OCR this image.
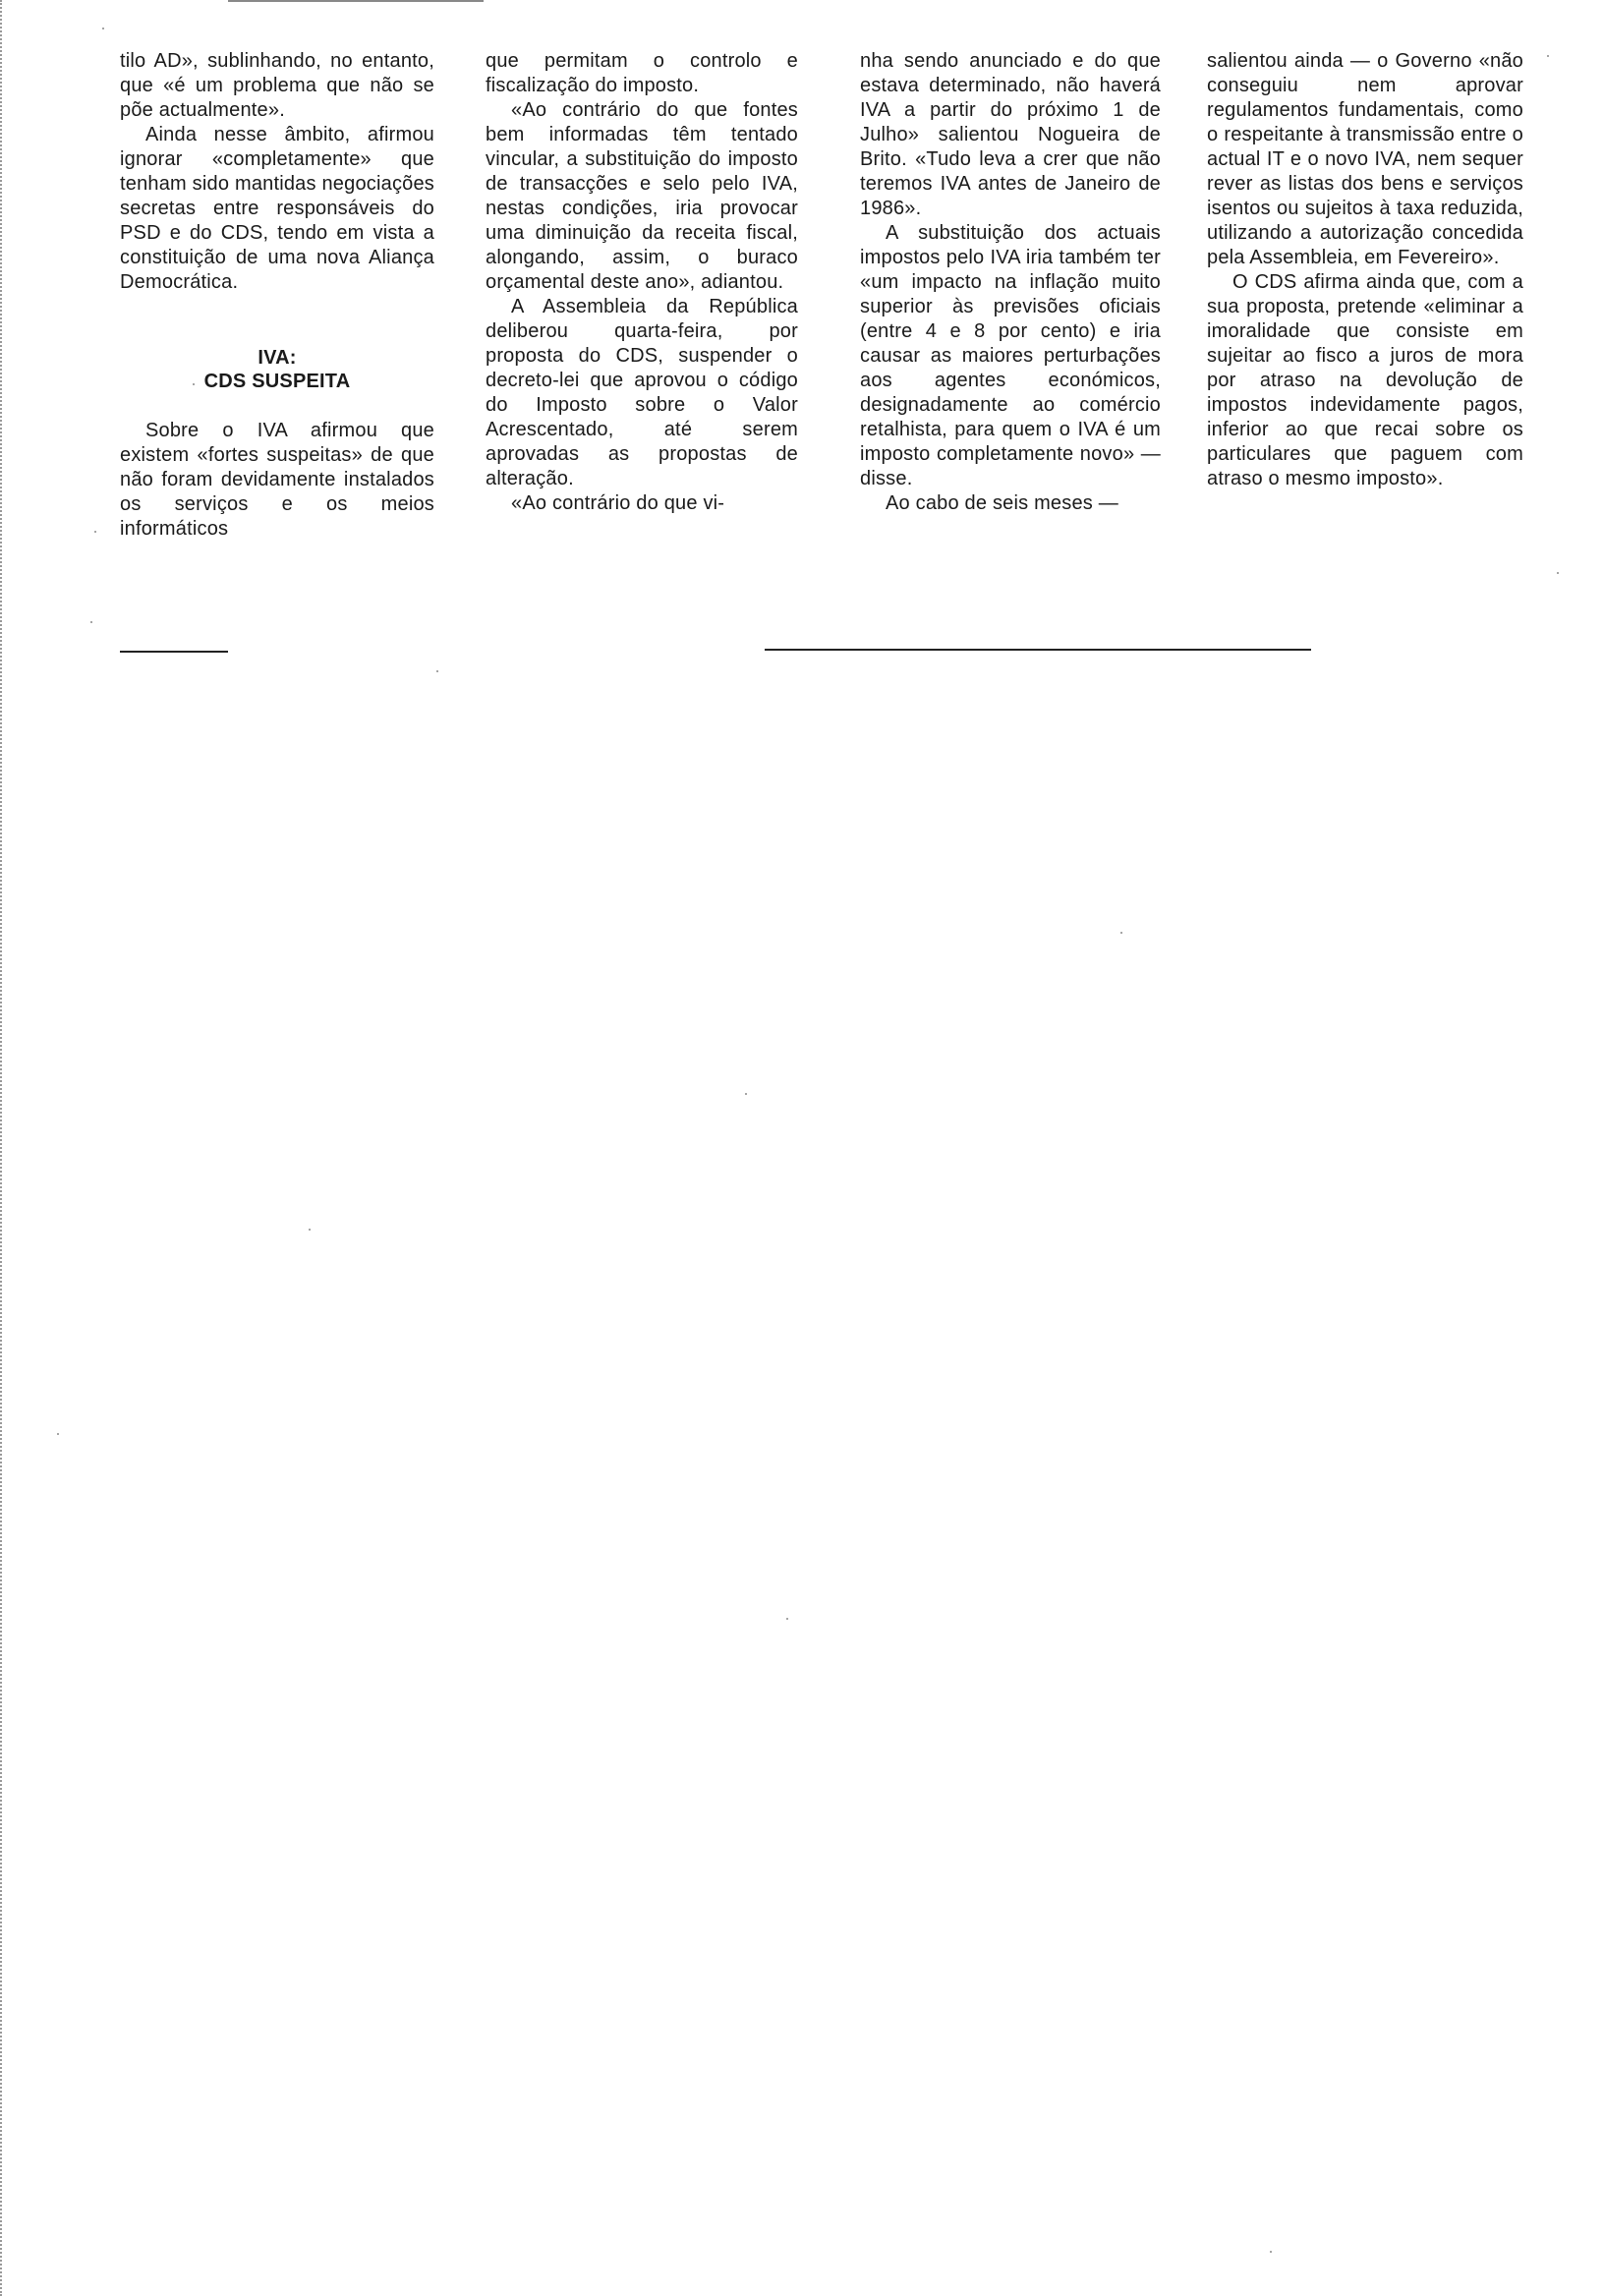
tilo AD», sublinhando, no entanto, que «é um problema que não se põe actualmente».

Ainda nesse âmbito, afirmou ignorar «completamente» que tenham sido mantidas negociações secretas entre responsáveis do PSD e do CDS, tendo em vista a constituição de uma nova Aliança Democrática.

IVA:
CDS SUSPEITA

Sobre o IVA afirmou que existem «fortes suspeitas» de que não foram devidamente instalados os serviços e os meios informáticos

que permitam o controlo e fiscalização do imposto.

«Ao contrário do que fontes bem informadas têm tentado vincular, a substituição do imposto de transacções e selo pelo IVA, nestas condições, iria provocar uma diminuição da receita fiscal, alongando, assim, o buraco orçamental deste ano», adiantou.

A Assembleia da República deliberou quarta-feira, por proposta do CDS, suspender o decreto-lei que aprovou o código do Imposto sobre o Valor Acrescentado, até serem aprovadas as propostas de alteração.

«Ao contrário do que vi-

nha sendo anunciado e do que estava determinado, não haverá IVA a partir do próximo 1 de Julho» salientou Nogueira de Brito. «Tudo leva a crer que não teremos IVA antes de Janeiro de 1986».

A substituição dos actuais impostos pelo IVA iria também ter «um impacto na inflação muito superior às previsões oficiais (entre 4 e 8 por cento) e iria causar as maiores perturbações aos agentes económicos, designadamente ao comércio retalhista, para quem o IVA é um imposto completamente novo» — disse.

Ao cabo de seis meses —

salientou ainda — o Governo «não conseguiu nem aprovar regulamentos fundamentais, como o respeitante à transmissão entre o actual IT e o novo IVA, nem sequer rever as listas dos bens e serviços isentos ou sujeitos à taxa reduzida, utilizando a autorização concedida pela Assembleia, em Fevereiro».

O CDS afirma ainda que, com a sua proposta, pretende «eliminar a imoralidade que consiste em sujeitar ao fisco a juros de mora por atraso na devolução de impostos indevidamente pagos, inferior ao que recai sobre os particulares que paguem com atraso o mesmo imposto».
